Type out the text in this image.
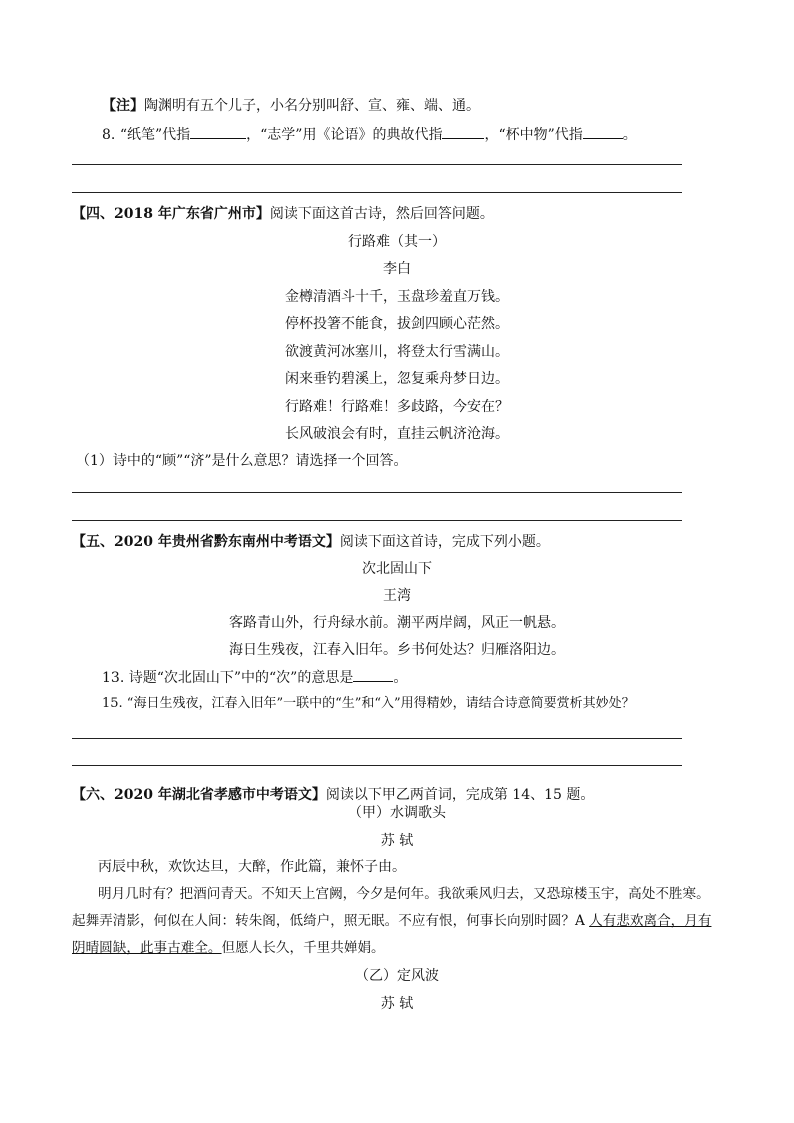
【注】陶渊明有五个儿子，小名分别叫舒、宣、雍、端、通。
8. “纸笔”代指	，“志学”用《论语》的典故代指	，“杯中物”代指	。
【四、2018 年广东省广州市】阅读下面这首古诗，然后回答问题。
行路难（其一）
李白
金樽清酒斗十千，玉盘珍羞直万钱。
停杯投箸不能食，拔剑四顾心茫然。
欲渡黄河冰塞川，将登太行雪满山。
闲来垂钓碧溪上，忽复乘舟梦日边。
行路难！行路难！多歧路，今安在？
长风破浪会有时，直挂云帆济沧海。
（1）诗中的“顾”“济”是什么意思？请选择一个回答。
【五、2020 年贵州省黔东南州中考语文】阅读下面这首诗，完成下列小题。
次北固山下
王湾
客路青山外，行舟绿水前。潮平两岸阔，风正一帆悬。
海日生残夜，江春入旧年。乡书何处达？归雁洛阳边。
13. 诗题“次北固山下”中的“次”的意思是	。
15. “海日生残夜，江春入旧年”一联中的“生”和“入”用得精妙，请结合诗意简要赏析其妙处？
【六、2020 年湖北省孝感市中考语文】阅读以下甲乙两首词，完成第 14、15 题。
（甲）水调歌头
苏 轼
丙辰中秋，欢饮达旦，大醉，作此篇，兼怀子由。
明月几时有？把酒问青天。不知天上宫阙，今夕是何年。我欲乘风归去，又恐琼楼玉宇，高处不胜寒。
起舞弄清影，何似在人间：转朱阁，低绮户，照无眠。不应有恨，何事长向别时圆？A 人有悲欢离合，月有
阴晴圆缺，此事古难全。但愿人长久，千里共婵娟。
（乙）定风波
苏 轼
